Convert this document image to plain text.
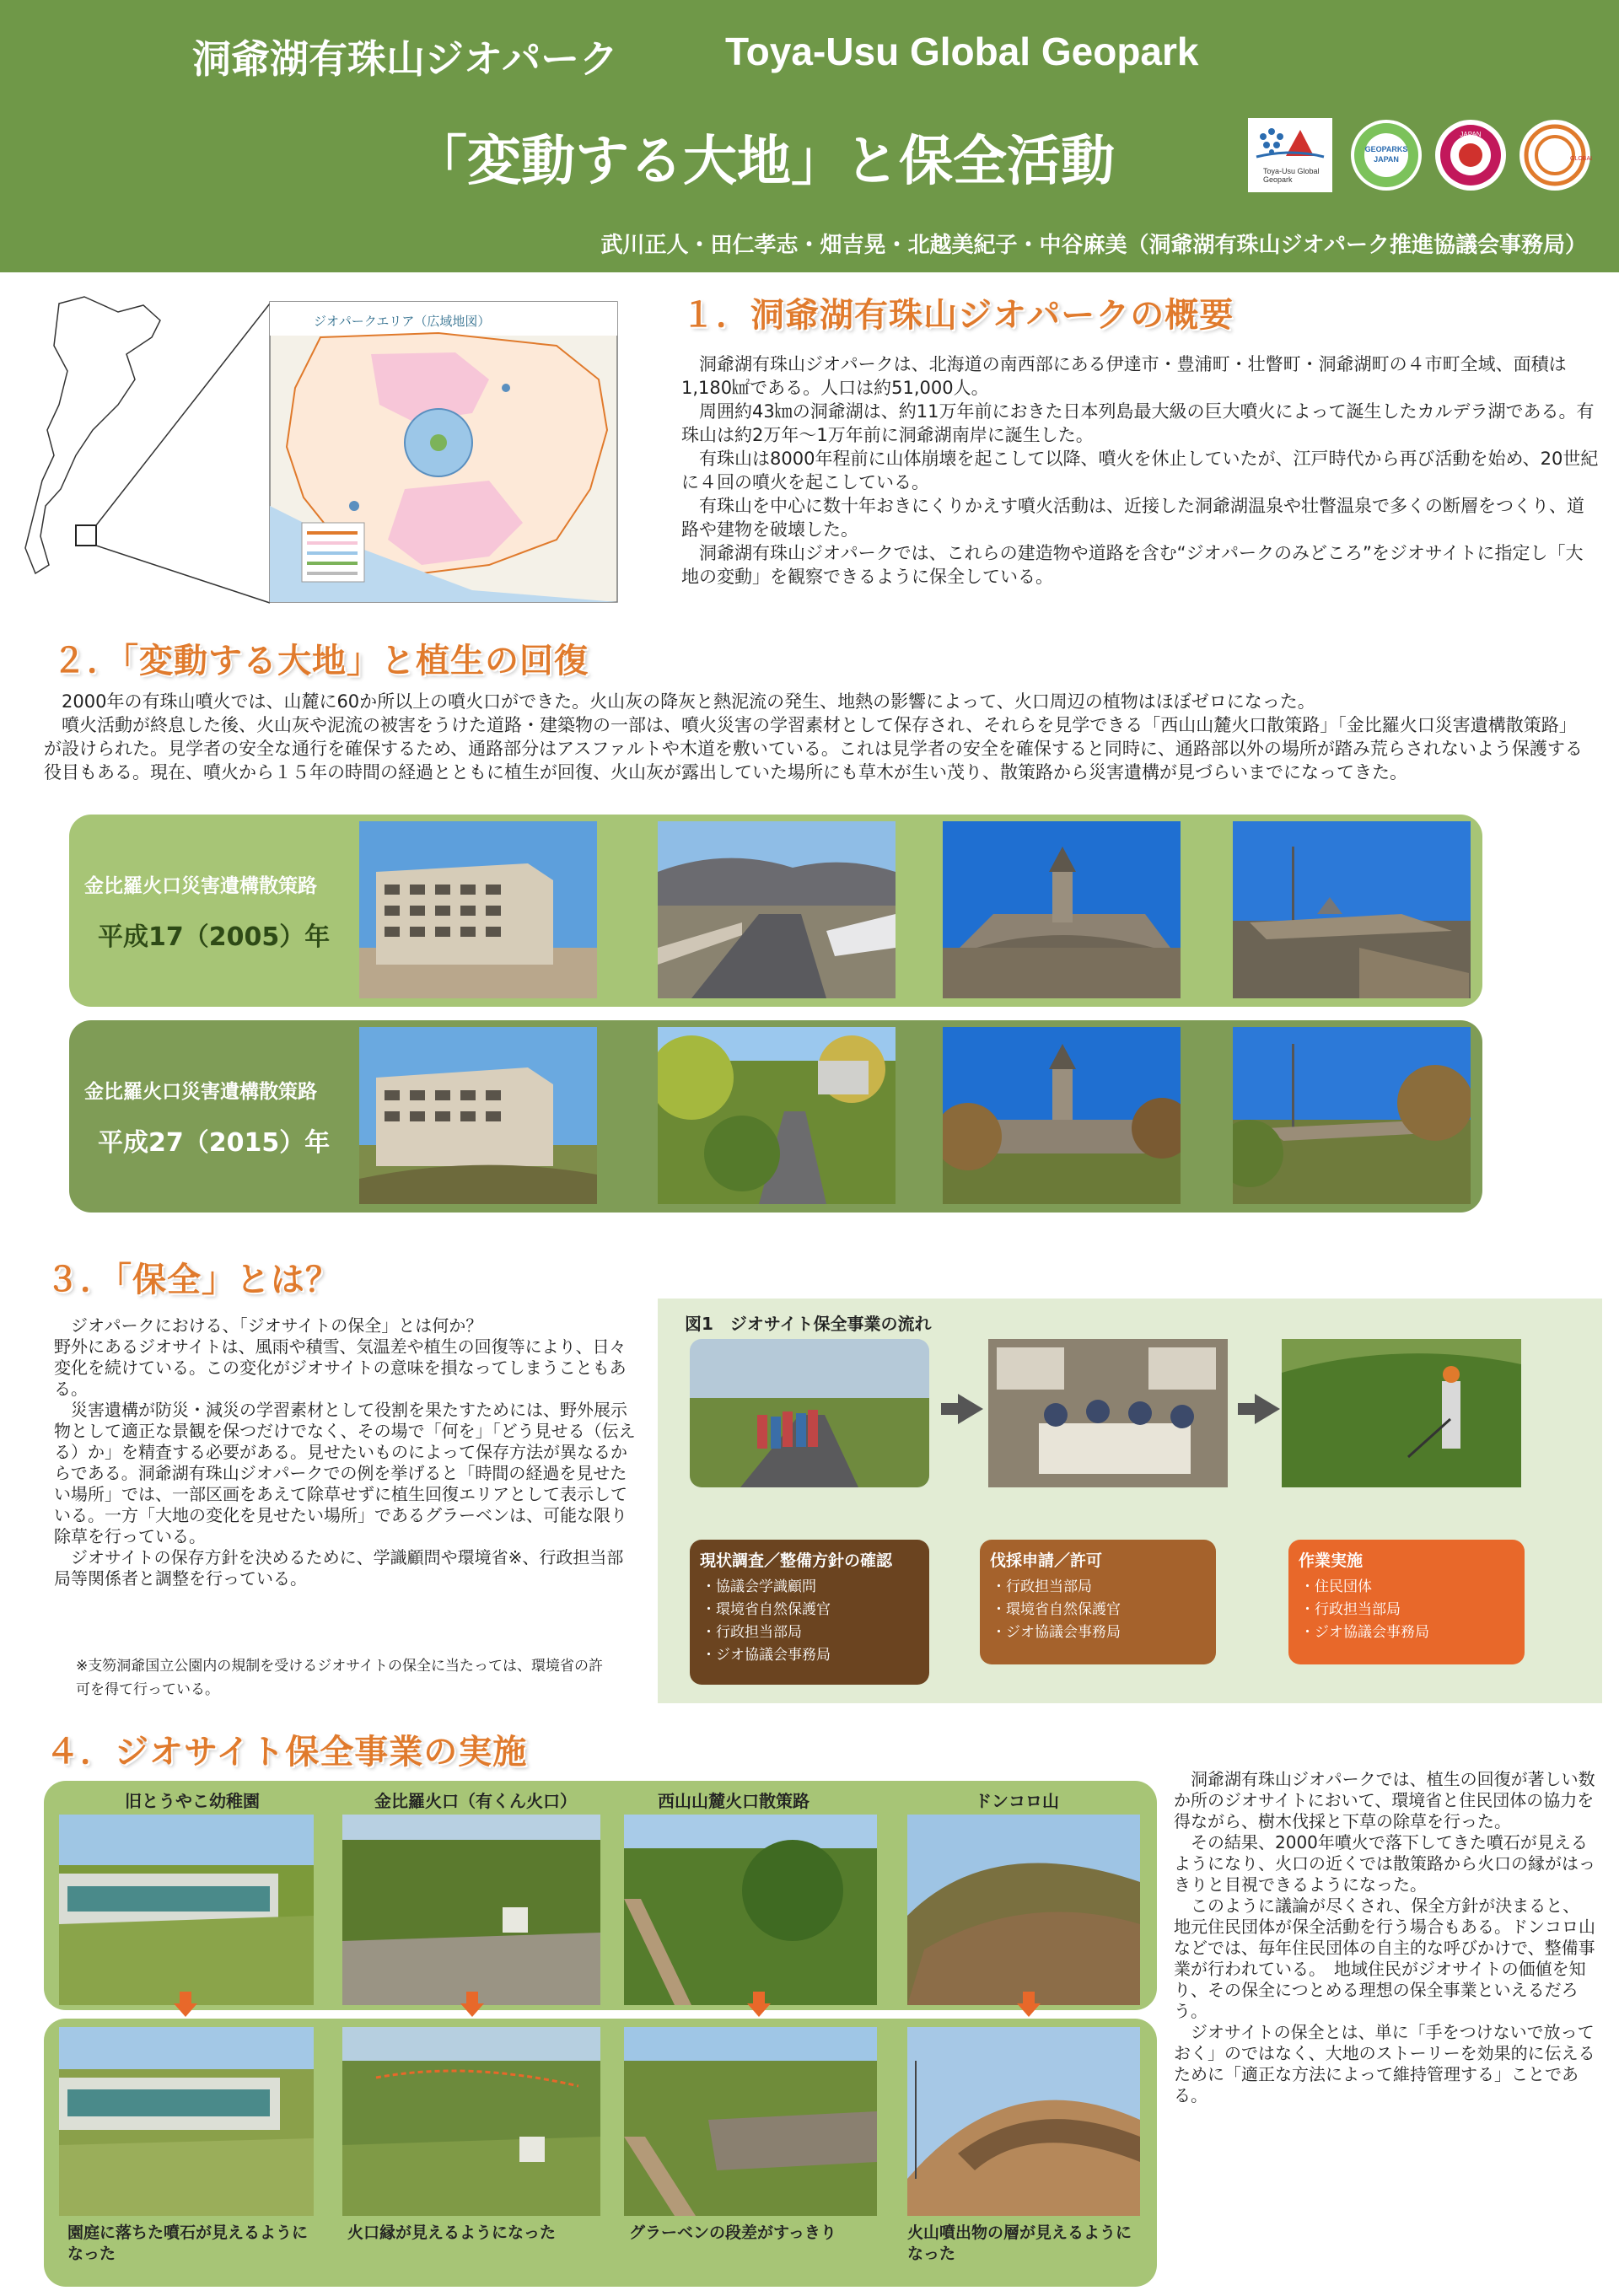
洞爺湖有珠山ジオパーク	Toya-Usu Global Geopark
「変動する大地」と保全活動	Toya-Usu Global Geopark
GEOPARKS
JAPAN
JAPAN
GLOBAL
武川正人・田仁孝志・畑吉晃・北越美紀子・中谷麻美（洞爺湖有珠山ジオパーク推進協議会事務局）
ジオパークエリア（広域地図）	１．洞爺湖有珠山ジオパークの概要

洞爺湖有珠山ジオパークは、北海道の南西部にある伊達市・豊浦町・壮瞥町・洞爺湖町の４市町全域、面積は1,180㎢である。人口は約51,000人。

周囲約43㎞の洞爺湖は、約11万年前におきた日本列島最大級の巨大噴火によって誕生したカルデラ湖である。有珠山は約2万年〜1万年前に洞爺湖南岸に誕生した。

有珠山は8000年程前に山体崩壊を起こして以降、噴火を休止していたが、江戸時代から再び活動を始め、20世紀に４回の噴火を起こしている。

有珠山を中心に数十年おきにくりかえす噴火活動は、近接した洞爺湖温泉や壮瞥温泉で多くの断層をつくり、道路や建物を破壊した。

洞爺湖有珠山ジオパークでは、これらの建造物や道路を含む“ジオパークのみどころ”をジオサイトに指定し「大地の変動」を観察できるように保全している。

２．「変動する大地」と植生の回復

2000年の有珠山噴火では、山麓に60か所以上の噴火口ができた。火山灰の降灰と熱泥流の発生、地熱の影響によって、火口周辺の植物はほぼゼロになった。

噴火活動が終息した後、火山灰や泥流の被害をうけた道路・建築物の一部は、噴火災害の学習素材として保存され、それらを見学できる「西山山麓火口散策路」「金比羅火口災害遺構散策路」が設けられた。見学者の安全な通行を確保するため、通路部分はアスファルトや木道を敷いている。これは見学者の安全を確保すると同時に、通路部以外の場所が踏み荒らされないよう保護する役目もある。現在、噴火から１５年の時間の経過とともに植生が回復、火山灰が露出していた場所にも草木が生い茂り、散策路から災害遺構が見づらいまでになってきた。

金比羅火口災害遺構散策路
平成17（2005）年
金比羅火口災害遺構散策路
平成27（2015）年
３．「保全」とは？

ジオパークにおける、「ジオサイトの保全」とは何か？

野外にあるジオサイトは、風雨や積雪、気温差や植生の回復等により、日々変化を続けている。この変化がジオサイトの意味を損なってしまうこともある。

災害遺構が防災・減災の学習素材として役割を果たすためには、野外展示物として適正な景観を保つだけでなく、その場で「何を」「どう見せる（伝える）か」を精査する必要がある。見せたいものによって保存方法が異なるからである。洞爺湖有珠山ジオパークでの例を挙げると「時間の経過を見せたい場所」では、一部区画をあえて除草せずに植生回復エリアとして表示している。一方「大地の変化を見せたい場所」であるグラーベンは、可能な限り除草を行っている。

ジオサイトの保存方針を決めるために、学識顧問や環境省※、行政担当部局等関係者と調整を行っている。

※支笏洞爺国立公園内の規制を受けるジオサイトの保全に当たっては、環境省の許可を得て行っている。

図1　ジオサイト保全事業の流れ
現状調査／整備方針の確認
・協議会学識顧問
・環境省自然保護官
・行政担当部局
・ジオ協議会事務局
伐採申請／許可
・行政担当部局
・環境省自然保護官
・ジオ協議会事務局
作業実施
・住民団体
・行政担当部局
・ジオ協議会事務局
４．ジオサイト保全事業の実施
旧とうやこ幼稚園	金比羅火口（有くん火口）	西山山麓火口散策路	ドンコロ山
園庭に落ちた噴石が見えるようになった
火口縁が見えるようになった	グラーベンの段差がすっきり	火山噴出物の層が見えるようになった

洞爺湖有珠山ジオパークでは、植生の回復が著しい数か所のジオサイトにおいて、環境省と住民団体の協力を得ながら、樹木伐採と下草の除草を行った。

その結果、2000年噴火で落下してきた噴石が見えるようになり、火口の近くでは散策路から火口の縁がはっきりと目視できるようになった。

このように議論が尽くされ、保全方針が決まると、地元住民団体が保全活動を行う場合もある。ドンコロ山などでは、毎年住民団体の自主的な呼びかけで、整備事業が行われている。　地域住民がジオサイトの価値を知り、その保全につとめる理想の保全事業といえるだろう。

ジオサイトの保全とは、単に「手をつけないで放っておく」のではなく、大地のストーリーを効果的に伝えるために「適正な方法によって維持管理する」ことである。
